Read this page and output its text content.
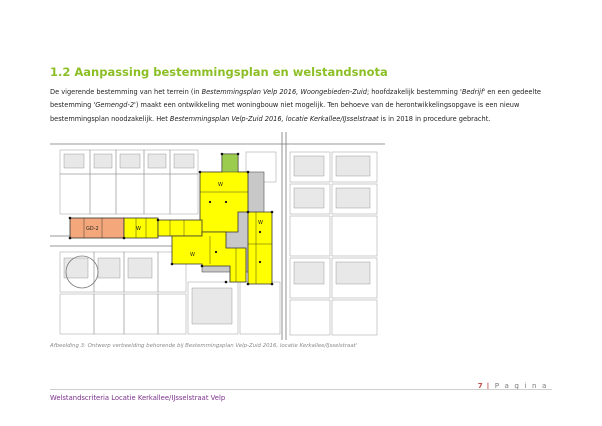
1.2 Aanpassing bestemmingsplan en welstandsnota
De vigerende bestemming van het terrein (in Bestemmingsplan Velp 2016, Woongebieden-Zuid; hoofdzakelijk bestemming 'Bedrijf' en een gedeelte
bestemming 'Gemengd-2') maakt een ontwikkeling met woningbouw niet mogelijk. Ten behoeve van de herontwikkelingsopgave is een nieuw
bestemmingsplan noodzakelijk. Het Bestemmingsplan Velp-Zuid 2016, locatie Kerkallee/IJsselstraat is in 2018 in procedure gebracht.
GD-2	W
W
W
W

Afbeelding 3: Ontwerp verbeelding behorende bij Bestemmingsplan Velp-Zuid 2016, locatie Kerkallee/IJsselstraat'

7 | P a g i n a
Welstandscriteria Locatie Kerkallee/IJsselstraat Velp
